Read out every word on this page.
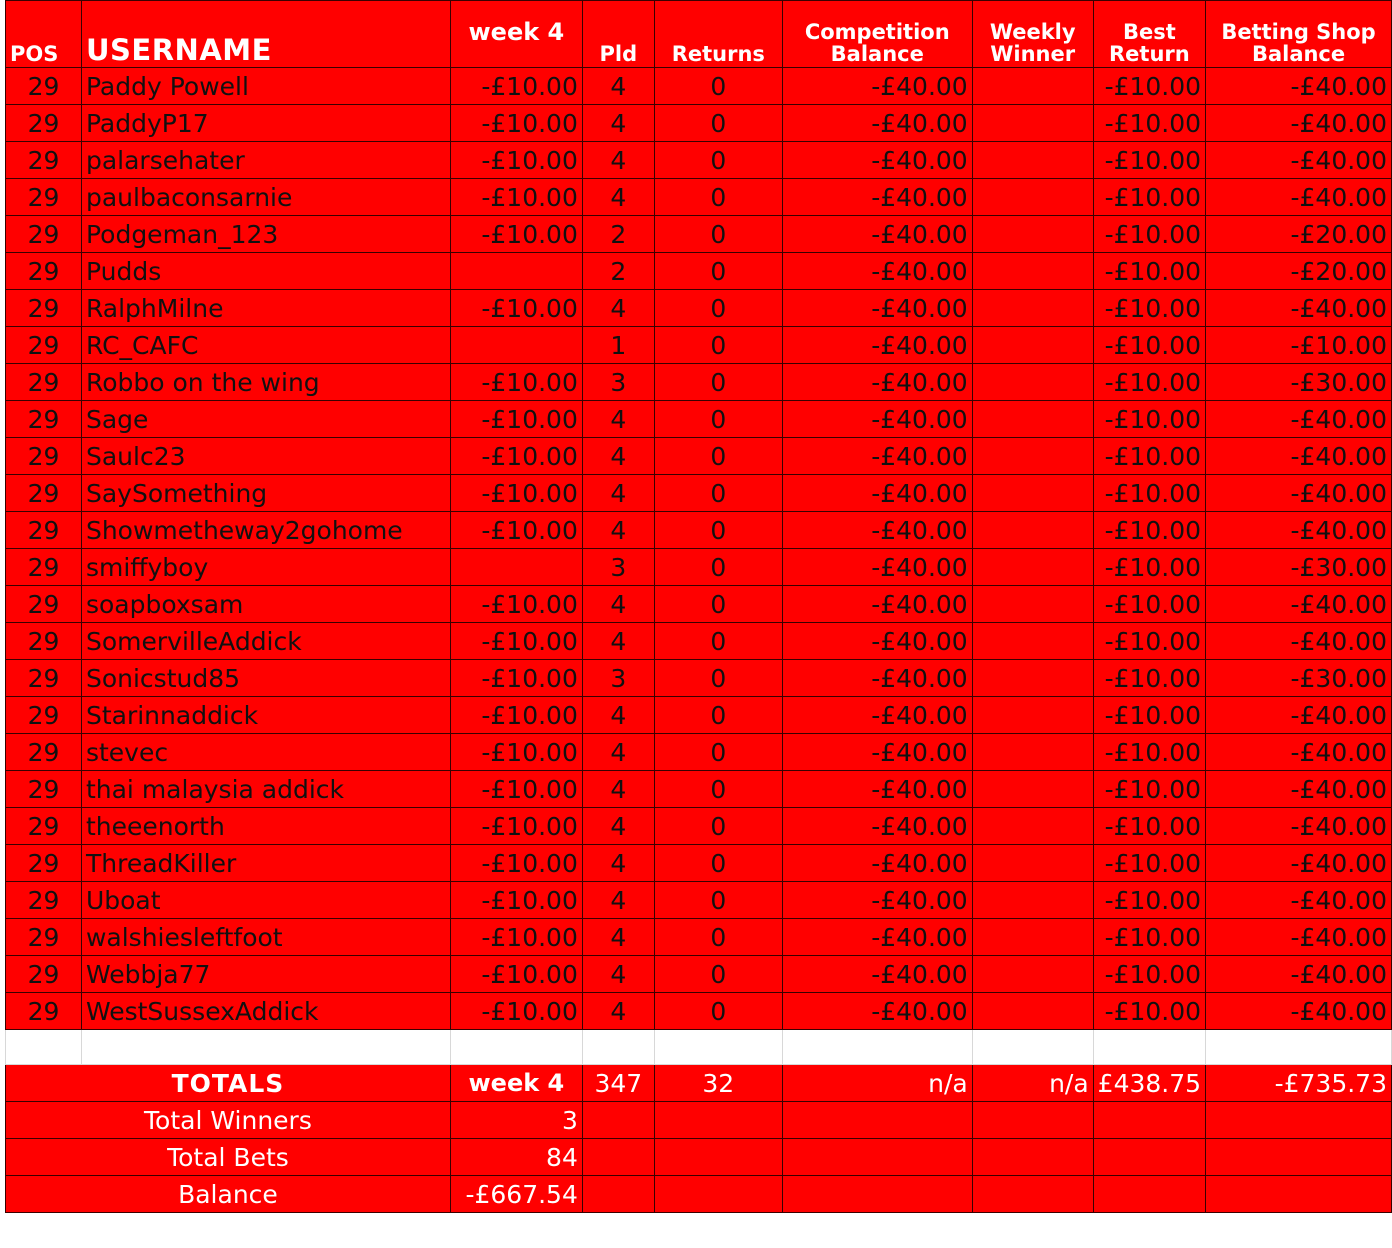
POS	USERNAME	week 4	Pld	Returns	Competition Balance	Weekly Winner	Best Return	Betting Shop Balance
29	Paddy Powell	-£10.00	4	0	-£40.00		-£10.00	-£40.00
29	PaddyP17	-£10.00	4	0	-£40.00		-£10.00	-£40.00
29	palarsehater	-£10.00	4	0	-£40.00		-£10.00	-£40.00
29	paulbaconsarnie	-£10.00	4	0	-£40.00		-£10.00	-£40.00
29	Podgeman_123	-£10.00	2	0	-£40.00		-£10.00	-£20.00
29	Pudds		2	0	-£40.00		-£10.00	-£20.00
29	RalphMilne	-£10.00	4	0	-£40.00		-£10.00	-£40.00
29	RC_CAFC		1	0	-£40.00		-£10.00	-£10.00
29	Robbo on the wing	-£10.00	3	0	-£40.00		-£10.00	-£30.00
29	Sage	-£10.00	4	0	-£40.00		-£10.00	-£40.00
29	Saulc23	-£10.00	4	0	-£40.00		-£10.00	-£40.00
29	SaySomething	-£10.00	4	0	-£40.00		-£10.00	-£40.00
29	Showmetheway2gohome	-£10.00	4	0	-£40.00		-£10.00	-£40.00
29	smiffyboy		3	0	-£40.00		-£10.00	-£30.00
29	soapboxsam	-£10.00	4	0	-£40.00		-£10.00	-£40.00
29	SomervilleAddick	-£10.00	4	0	-£40.00		-£10.00	-£40.00
29	Sonicstud85	-£10.00	3	0	-£40.00		-£10.00	-£30.00
29	Starinnaddick	-£10.00	4	0	-£40.00		-£10.00	-£40.00
29	stevec	-£10.00	4	0	-£40.00		-£10.00	-£40.00
29	thai malaysia addick	-£10.00	4	0	-£40.00		-£10.00	-£40.00
29	theeenorth	-£10.00	4	0	-£40.00		-£10.00	-£40.00
29	ThreadKiller	-£10.00	4	0	-£40.00		-£10.00	-£40.00
29	Uboat	-£10.00	4	0	-£40.00		-£10.00	-£40.00
29	walshiesleftfoot	-£10.00	4	0	-£40.00		-£10.00	-£40.00
29	Webbja77	-£10.00	4	0	-£40.00		-£10.00	-£40.00
29	WestSussexAddick	-£10.00	4	0	-£40.00		-£10.00	-£40.00

TOTALS		week 4	347	32	n/a	n/a	£438.75	-£735.73
Total Winners		3						
Total Bets		84						
Balance		-£667.54						
